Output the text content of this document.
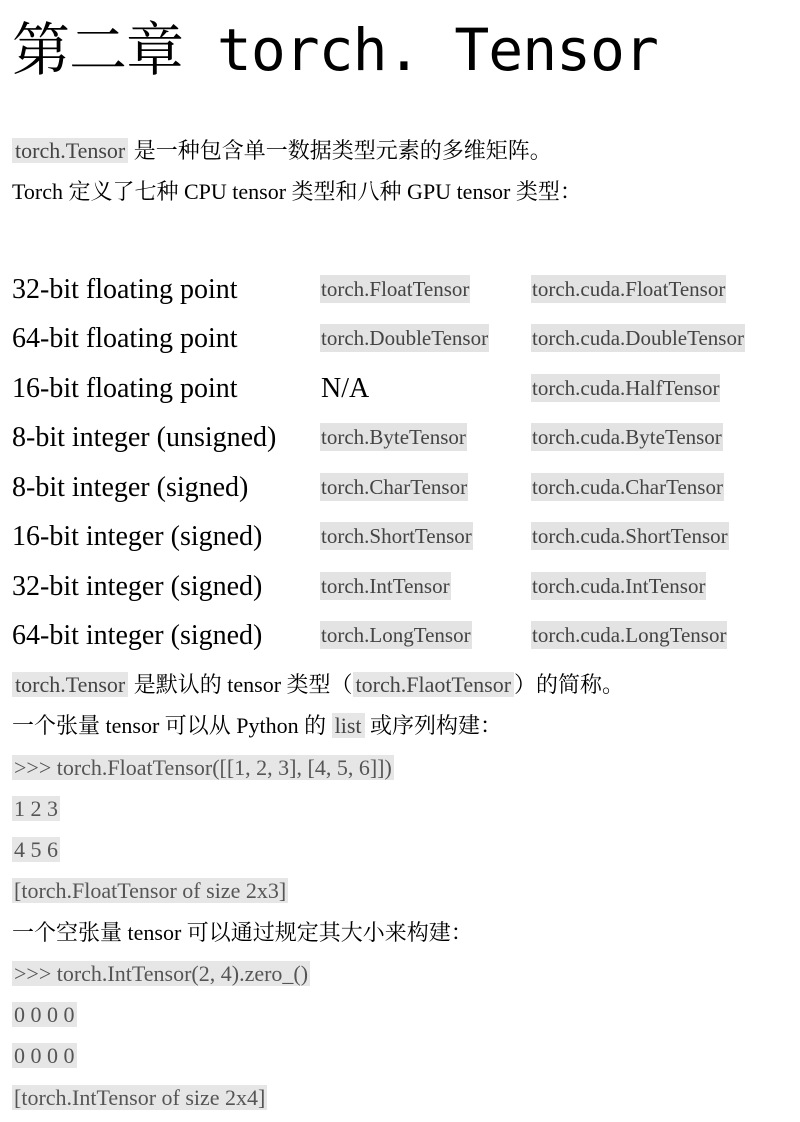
第二章 torch. Tensor
torch.Tensor 是一种包含单一数据类型元素的多维矩阵。
Torch 定义了七种 CPU tensor 类型和八种 GPU tensor 类型：
32-bit floating point	torch.FloatTensor	torch.cuda.FloatTensor
64-bit floating point	torch.DoubleTensor torch.cuda.DoubleTensor
16-bit floating point	N/A	torch.cuda.HalfTensor
8-bit integer (unsigned) torch.ByteTensor	torch.cuda.ByteTensor
8-bit integer (signed)	torch.CharTensor	torch.cuda.CharTensor
16-bit integer (signed)	torch.ShortTensor	torch.cuda.ShortTensor
32-bit integer (signed)	torch.IntTensor	torch.cuda.IntTensor
64-bit integer (signed)	torch.LongTensor	torch.cuda.LongTensor
torch.Tensor 是默认的 tensor 类型（ torch.FlaotTensor ）的简称。
一个张量 tensor 可以从 Python 的 list 或序列构建：
>>> torch.FloatTensor([[1, 2, 3], [4, 5, 6]])
1 2 3
4 5 6
[torch.FloatTensor of size 2x3]
一个空张量 tensor 可以通过规定其大小来构建：
>>> torch.IntTensor(2, 4).zero_()
0 0 0 0
0 0 0 0
[torch.IntTensor of size 2x4]
